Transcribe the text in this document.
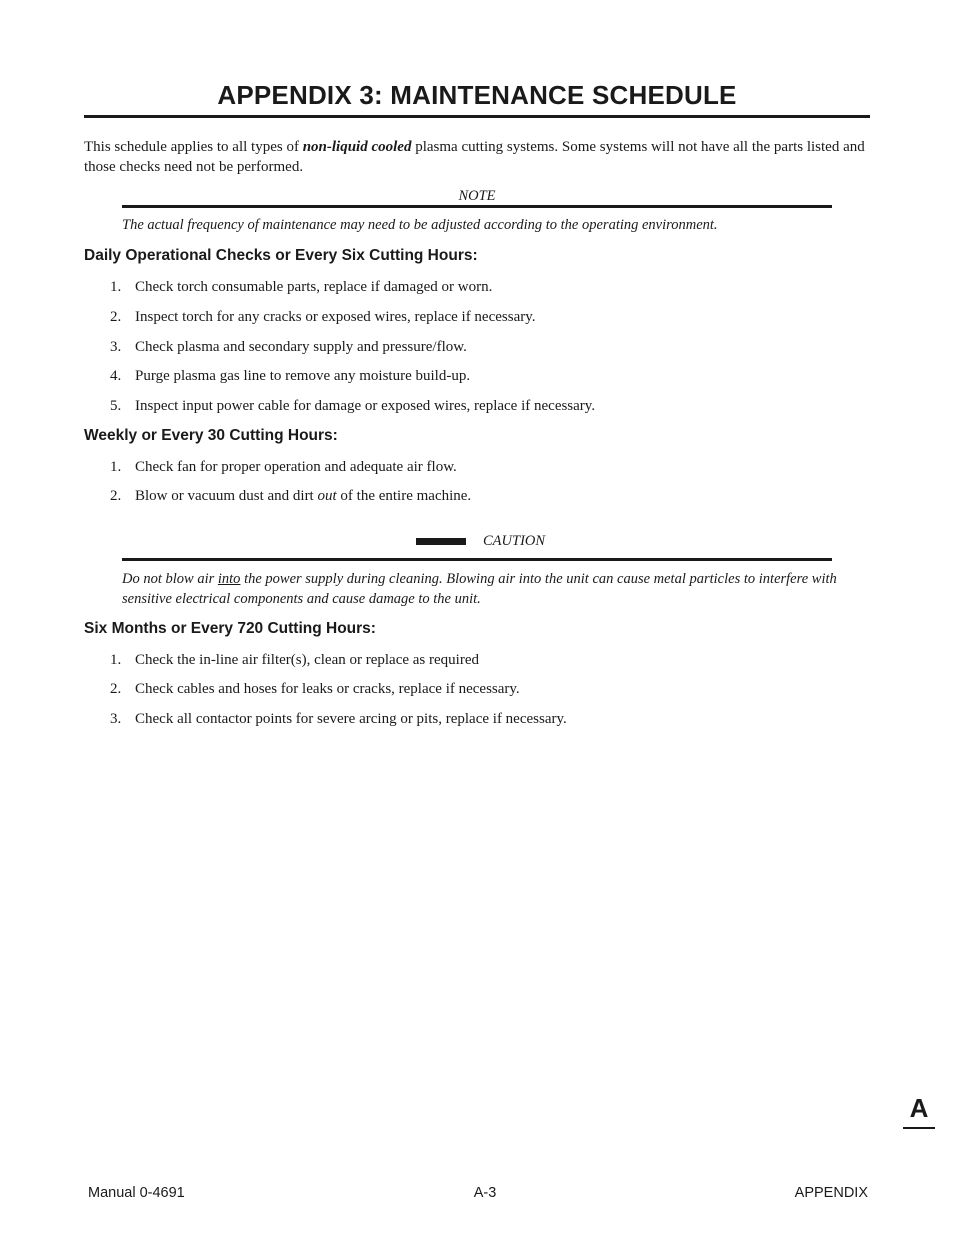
APPENDIX 3: MAINTENANCE SCHEDULE

This schedule applies to all types of non-liquid cooled plasma cutting systems. Some systems will not have all the parts listed and those checks need not be performed.

NOTE

The actual frequency of maintenance may need to be adjusted according to the operating environment.

Daily Operational Checks or Every Six Cutting Hours:
1. Check torch consumable parts, replace if damaged or worn.
2. Inspect torch for any cracks or exposed wires, replace if necessary.
3. Check plasma and secondary supply and pressure/flow.
4. Purge plasma gas line to remove any moisture build-up.
5. Inspect input power cable for damage or exposed wires, replace if necessary.
Weekly or Every 30 Cutting Hours:
1. Check fan for proper operation and adequate air flow.
2. Blow or vacuum dust and dirt out of the entire machine.
CAUTION

Do not blow air into the power supply during cleaning. Blowing air into the unit can cause metal particles to interfere with sensitive electrical components and cause damage to the unit.

Six Months or Every 720 Cutting Hours:
1. Check the in-line air filter(s), clean or replace as required
2. Check cables and hoses for leaks or cracks, replace if necessary.
3. Check all contactor points for severe arcing or pits, replace if necessary.
A
Manual 0-4691	A-3	APPENDIX
